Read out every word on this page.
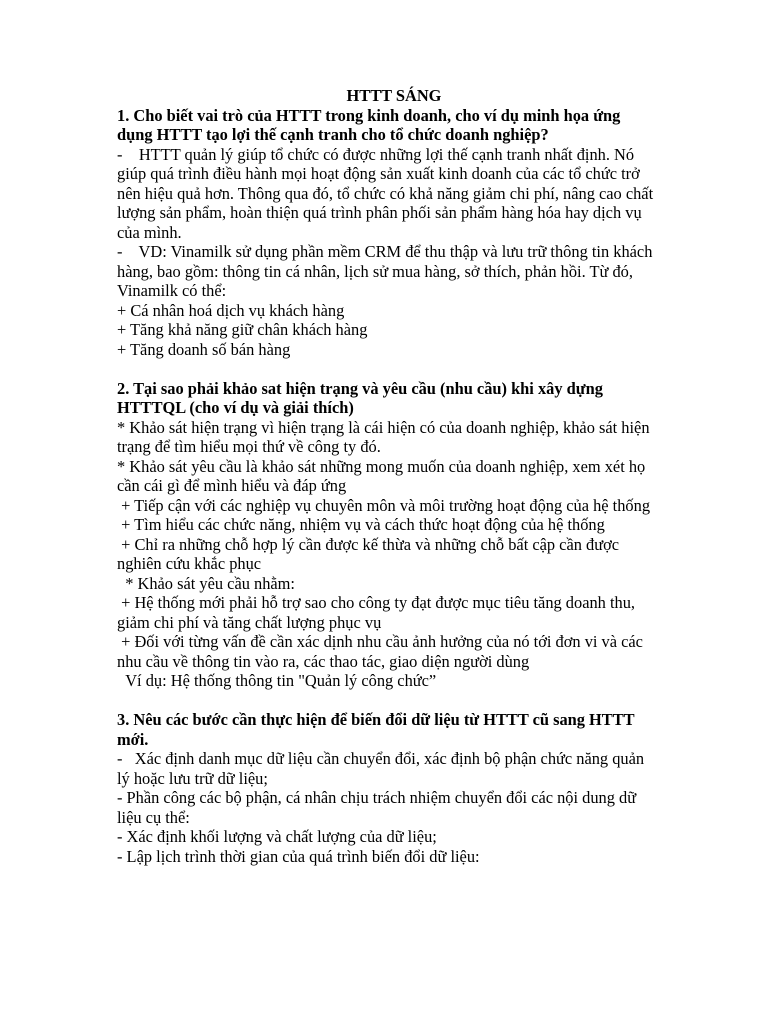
HTTT SÁNG

1. Cho biết vai trò của HTTT trong kinh doanh, cho ví dụ minh họa ứng dụng HTTT tạo lợi thế cạnh tranh cho tổ chức doanh nghiệp?

-    HTTT quản lý giúp tổ chức có được những lợi thế cạnh tranh nhất định. Nó giúp quá trình điều hành mọi hoạt động sản xuất kinh doanh của các tổ chức trở nên hiệu quả hơn. Thông qua đó, tổ chức có khả năng giảm chi phí, nâng cao chất lượng sản phẩm, hoàn thiện quá trình phân phối sản phẩm hàng hóa hay dịch vụ của mình.

-    VD: Vinamilk sử dụng phần mềm CRM để thu thập và lưu trữ thông tin khách hàng, bao gồm: thông tin cá nhân, lịch sử mua hàng, sở thích, phản hồi. Từ đó, Vinamilk có thể:

+ Cá nhân hoá dịch vụ khách hàng

+ Tăng khả năng giữ chân khách hàng

+ Tăng doanh số bán hàng

2. Tại sao phải khảo sat hiện trạng và yêu cầu (nhu cầu) khi xây dựng HTTTQL (cho ví dụ và giải thích)

* Khảo sát hiện trạng vì hiện trạng là cái hiện có của doanh nghiệp, khảo sát hiện trạng để tìm hiểu mọi thứ về công ty đó.

* Khảo sát yêu cầu là khảo sát những mong muốn của doanh nghiệp, xem xét họ cần cái gì để mình hiểu và đáp ứng

+ Tiếp cận với các nghiệp vụ chuyên môn và môi trường hoạt động của hệ thống

+ Tìm hiểu các chức năng, nhiệm vụ và cách thức hoạt động của hệ thống

+ Chỉ ra những chỗ hợp lý cần được kế thừa và những chỗ bất cập cần được nghiên cứu khắc phục

* Khảo sát yêu cầu nhằm:

+ Hệ thống mới phải hỗ trợ sao cho công ty đạt được mục tiêu tăng doanh thu, giảm chi phí và tăng chất lượng phục vụ

+ Đối với từng vấn đề cần xác dịnh nhu cầu ảnh hưởng của nó tới đơn vi và các nhu cầu về thông tin vào ra, các thao tác, giao diện người dùng

Ví dụ: Hệ thống thông tin "Quản lý công chức”

3. Nêu các bước cần thực hiện để biến đổi dữ liệu từ HTTT cũ sang HTTT mới.

-   Xác định danh mục dữ liệu cần chuyển đổi, xác định bộ phận chức năng quản lý hoặc lưu trữ dữ liệu;

- Phần công các bộ phận, cá nhân chịu trách nhiệm chuyển đổi các nội dung dữ liệu cụ thể:

- Xác định khối lượng và chất lượng của dữ liệu;

- Lập lịch trình thời gian của quá trình biến đổi dữ liệu:
